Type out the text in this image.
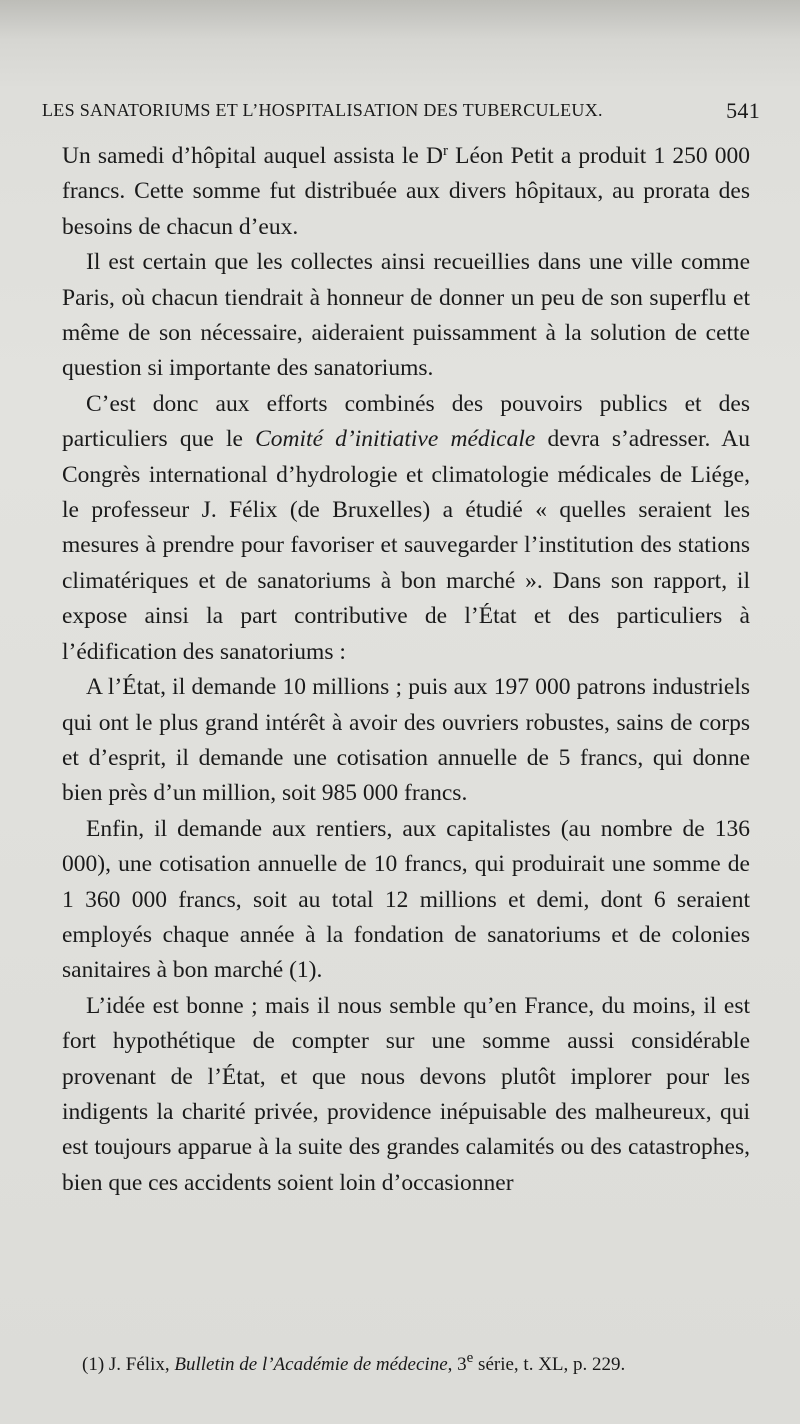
LES SANATORIUMS ET L’HOSPITALISATION DES TUBERCULEUX.	541

Un samedi d’hôpital auquel assista le $D^r$ Léon Petit a produit 1 250 000 francs. Cette somme fut distribuée aux divers hôpitaux, au prorata des besoins de chacun d’eux.

Il est certain que les collectes ainsi recueillies dans une ville comme Paris, où chacun tiendrait à honneur de donner un peu de son superflu et même de son nécessaire, aideraient puissamment à la solution de cette question si importante des sanatoriums.

C’est donc aux efforts combinés des pouvoirs publics et des particuliers que le Comité d’initiative médicale devra s’adresser. Au Congrès international d’hydrologie et climatologie médicales de Liége, le professeur J. Félix (de Bruxelles) a étudié « quelles seraient les mesures à prendre pour favoriser et sauvegarder l’institution des stations climatériques et de sanatoriums à bon marché ». Dans son rapport, il expose ainsi la part contributive de l’État et des particuliers à l’édification des sanatoriums :

A l’État, il demande 10 millions ; puis aux 197 000 patrons industriels qui ont le plus grand intérêt à avoir des ouvriers robustes, sains de corps et d’esprit, il demande une cotisation annuelle de 5 francs, qui donne bien près d’un million, soit 985 000 francs.

Enfin, il demande aux rentiers, aux capitalistes (au nombre de 136 000), une cotisation annuelle de 10 francs, qui produirait une somme de 1 360 000 francs, soit au total 12 millions et demi, dont 6 seraient employés chaque année à la fondation de sanatoriums et de colonies sanitaires à bon marché (1).

L’idée est bonne ; mais il nous semble qu’en France, du moins, il est fort hypothétique de compter sur une somme aussi considérable provenant de l’État, et que nous devons plutôt implorer pour les indigents la charité privée, providence inépuisable des malheureux, qui est toujours apparue à la suite des grandes calamités ou des catastrophes, bien que ces accidents soient loin d’occasionner

(1) J. Félix, Bulletin de l’Académie de médecine, 3e série, t. XL, p. 229.
